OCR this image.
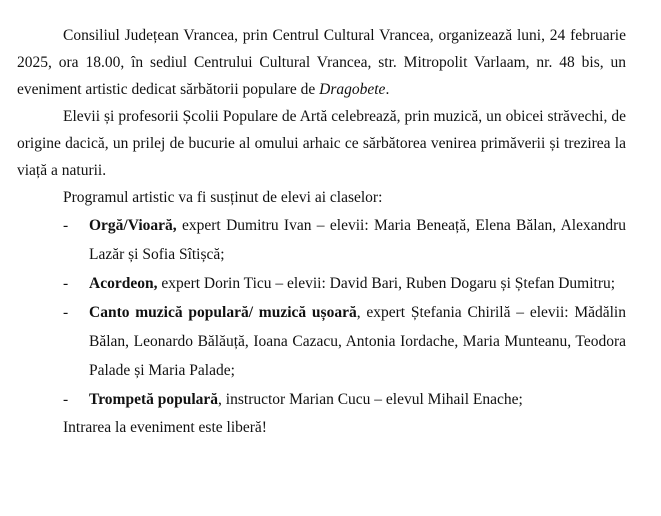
Consiliul Județean Vrancea, prin Centrul Cultural Vrancea, organizează luni, 24 februarie 2025, ora 18.00, în sediul Centrului Cultural Vrancea, str. Mitropolit Varlaam, nr. 48 bis, un eveniment artistic dedicat sărbătorii populare de Dragobete.

Elevii și profesorii Școlii Populare de Artă celebrează, prin muzică, un obicei străvechi, de origine dacică, un prilej de bucurie al omului arhaic ce sărbătorea venirea primăverii și trezirea la viață a naturii.

Programul artistic va fi susținut de elevi ai claselor:

- Orgă/Vioară, expert Dumitru Ivan – elevii: Maria Beneață, Elena Bălan, Alexandru Lazăr și Sofia Sîtișcă;
- Acordeon, expert Dorin Ticu – elevii: David Bari, Ruben Dogaru și Ștefan Dumitru;
- Canto muzică populară/ muzică ușoară, expert Ștefania Chirilă – elevii: Mădălin Bălan, Leonardo Bălăuță, Ioana Cazacu, Antonia Iordache, Maria Munteanu, Teodora Palade și Maria Palade;
- Trompetă populară, instructor Marian Cucu – elevul Mihail Enache;

Intrarea la eveniment este liberă!
